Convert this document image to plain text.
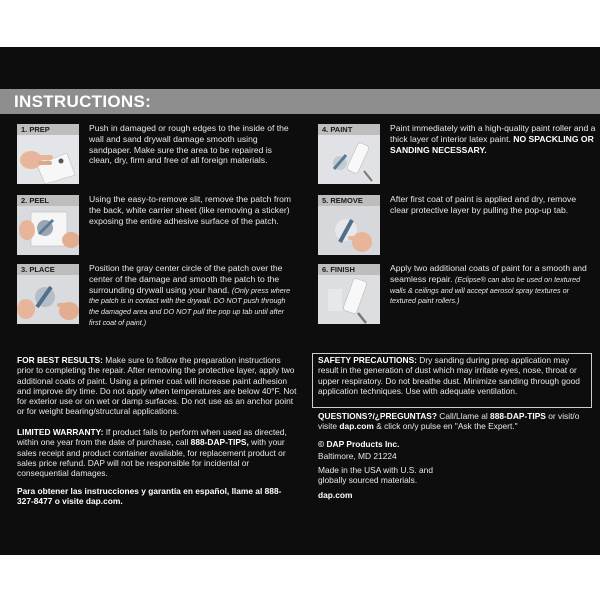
INSTRUCTIONS:
1. PREP	Push in damaged or rough edges to the inside of the wall and sand drywall damage smooth using sandpaper. Make sure the area to be repaired is clean, dry, firm and free of all foreign materials.
2. PEEL	Using the easy-to-remove slit, remove the patch from the back, white carrier sheet (like removing a sticker) exposing the entire adhesive surface of the patch.
3. PLACE	Position the gray center circle of the patch over the center of the damage and smooth the patch to the surrounding drywall using your hand. (Only press where the patch is in contact with the drywall. DO NOT push through the damaged area and DO NOT pull the pop up tab until after first coat of paint.)
4. PAINT	Paint immediately with a high-quality paint roller and a thick layer of interior latex paint. NO SPACKLING OR SANDING NECESSARY.
5. REMOVE	After first coat of paint is applied and dry, remove clear protective layer by pulling the pop-up tab.
6. FINISH	Apply two additional coats of paint for a smooth and seamless repair. (Eclipse® can also be used on textured walls & ceilings and will accept aerosol spray textures or textured paint rollers.)
FOR BEST RESULTS: Make sure to follow the preparation instructions prior to completing the repair. After removing the protective layer, apply two additional coats of paint. Using a primer coat will increase paint adhesion and improve dry time. Do not apply when temperatures are below 40°F. Not for exterior use or on wet or damp surfaces. Do not use as an anchor point or for weight bearing/structural applications.
LIMITED WARRANTY: If product fails to perform when used as directed, within one year from the date of purchase, call 888-DAP-TIPS, with your sales receipt and product container available, for replacement product or sales price refund. DAP will not be responsible for incidental or consequential damages.
Para obtener las instrucciones y garantía en español, llame al 888-327-8477 o visite dap.com.
SAFETY PRECAUTIONS: Dry sanding during prep application may result in the generation of dust which may irritate eyes, nose, throat or upper respiratory. Do not breathe dust. Minimize sanding through good application techniques. Use with adequate ventilation.
QUESTIONS?/¿PREGUNTAS? Call/Llame al 888-DAP-TIPS or visit/o visite dap.com & click on/y pulse en "Ask the Expert."
© DAP Products Inc.
Baltimore, MD 21224
Made in the USA with U.S. and
globally sourced materials.
dap.com
